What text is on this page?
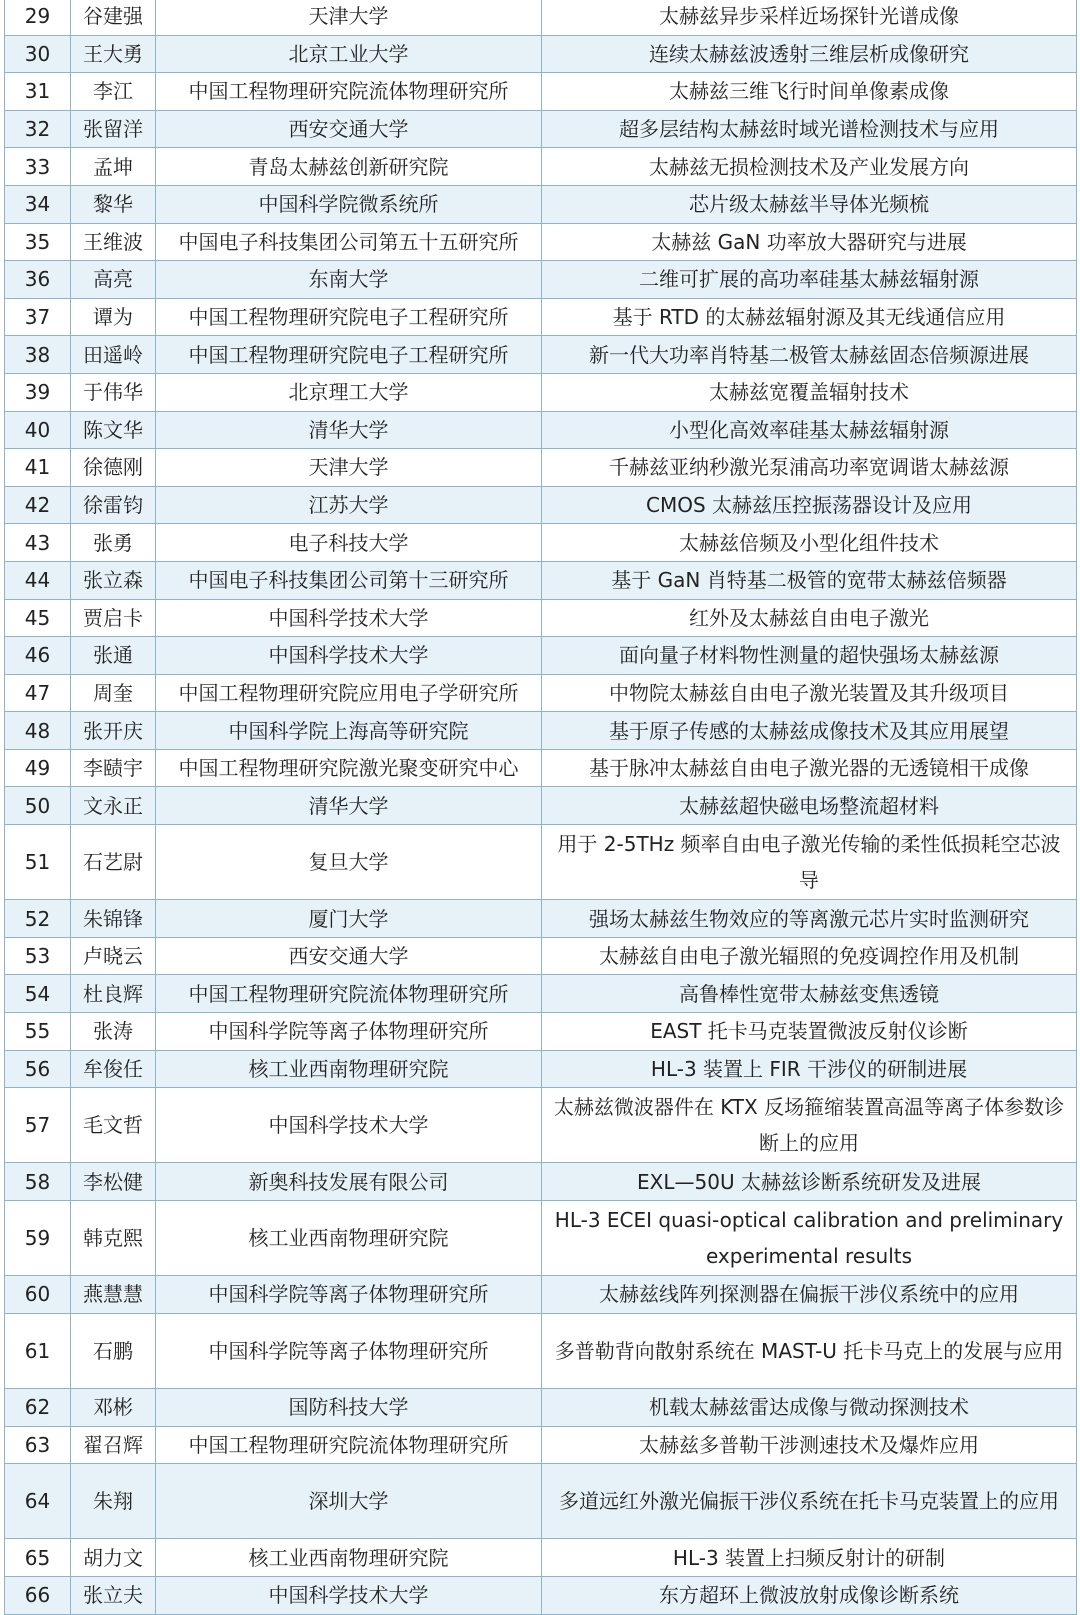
29	谷建强	天津大学	太赫兹异步采样近场探针光谱成像
30	王大勇	北京工业大学	连续太赫兹波透射三维层析成像研究
31	李江	中国工程物理研究院流体物理研究所	太赫兹三维飞行时间单像素成像
32	张留洋	西安交通大学	超多层结构太赫兹时域光谱检测技术与应用
33	孟坤	青岛太赫兹创新研究院	太赫兹无损检测技术及产业发展方向
34	黎华	中国科学院微系统所	芯片级太赫兹半导体光频梳
35	王维波	中国电子科技集团公司第五十五研究所	太赫兹 GaN 功率放大器研究与进展
36	高亮	东南大学	二维可扩展的高功率硅基太赫兹辐射源
37	谭为	中国工程物理研究院电子工程研究所	基于 RTD 的太赫兹辐射源及其无线通信应用
38	田遥岭	中国工程物理研究院电子工程研究所	新一代大功率肖特基二极管太赫兹固态倍频源进展
39	于伟华	北京理工大学	太赫兹宽覆盖辐射技术
40	陈文华	清华大学	小型化高效率硅基太赫兹辐射源
41	徐德刚	天津大学	千赫兹亚纳秒激光泵浦高功率宽调谐太赫兹源
42	徐雷钧	江苏大学	CMOS 太赫兹压控振荡器设计及应用
43	张勇	电子科技大学	太赫兹倍频及小型化组件技术
44	张立森	中国电子科技集团公司第十三研究所	基于 GaN 肖特基二极管的宽带太赫兹倍频器
45	贾启卡	中国科学技术大学	红外及太赫兹自由电子激光
46	张通	中国科学技术大学	面向量子材料物性测量的超快强场太赫兹源
47	周奎	中国工程物理研究院应用电子学研究所	中物院太赫兹自由电子激光装置及其升级项目
48	张开庆	中国科学院上海高等研究院	基于原子传感的太赫兹成像技术及其应用展望
49	李赜宇	中国工程物理研究院激光聚变研究中心	基于脉冲太赫兹自由电子激光器的无透镜相干成像
50	文永正	清华大学	太赫兹超快磁电场整流超材料
51	石艺尉	复旦大学	用于 2-5THz 频率自由电子激光传输的柔性低损耗空芯波导
52	朱锦锋	厦门大学	强场太赫兹生物效应的等离激元芯片实时监测研究
53	卢晓云	西安交通大学	太赫兹自由电子激光辐照的免疫调控作用及机制
54	杜良辉	中国工程物理研究院流体物理研究所	高鲁棒性宽带太赫兹变焦透镜
55	张涛	中国科学院等离子体物理研究所	EAST 托卡马克装置微波反射仪诊断
56	牟俊任	核工业西南物理研究院	HL-3 装置上 FIR 干涉仪的研制进展
57	毛文哲	中国科学技术大学	太赫兹微波器件在 KTX 反场箍缩装置高温等离子体参数诊断上的应用
58	李松健	新奥科技发展有限公司	EXL—50U 太赫兹诊断系统研发及进展
59	韩克熙	核工业西南物理研究院	HL-3 ECEI quasi-optical calibration and preliminary experimental results
60	燕慧慧	中国科学院等离子体物理研究所	太赫兹线阵列探测器在偏振干涉仪系统中的应用
61	石鹏	中国科学院等离子体物理研究所	多普勒背向散射系统在 MAST-U 托卡马克上的发展与应用
62	邓彬	国防科技大学	机载太赫兹雷达成像与微动探测技术
63	翟召辉	中国工程物理研究院流体物理研究所	太赫兹多普勒干涉测速技术及爆炸应用
64	朱翔	深圳大学	多道远红外激光偏振干涉仪系统在托卡马克装置上的应用
65	胡力文	核工业西南物理研究院	HL-3 装置上扫频反射计的研制
66	张立夫	中国科学技术大学	东方超环上微波放射成像诊断系统
